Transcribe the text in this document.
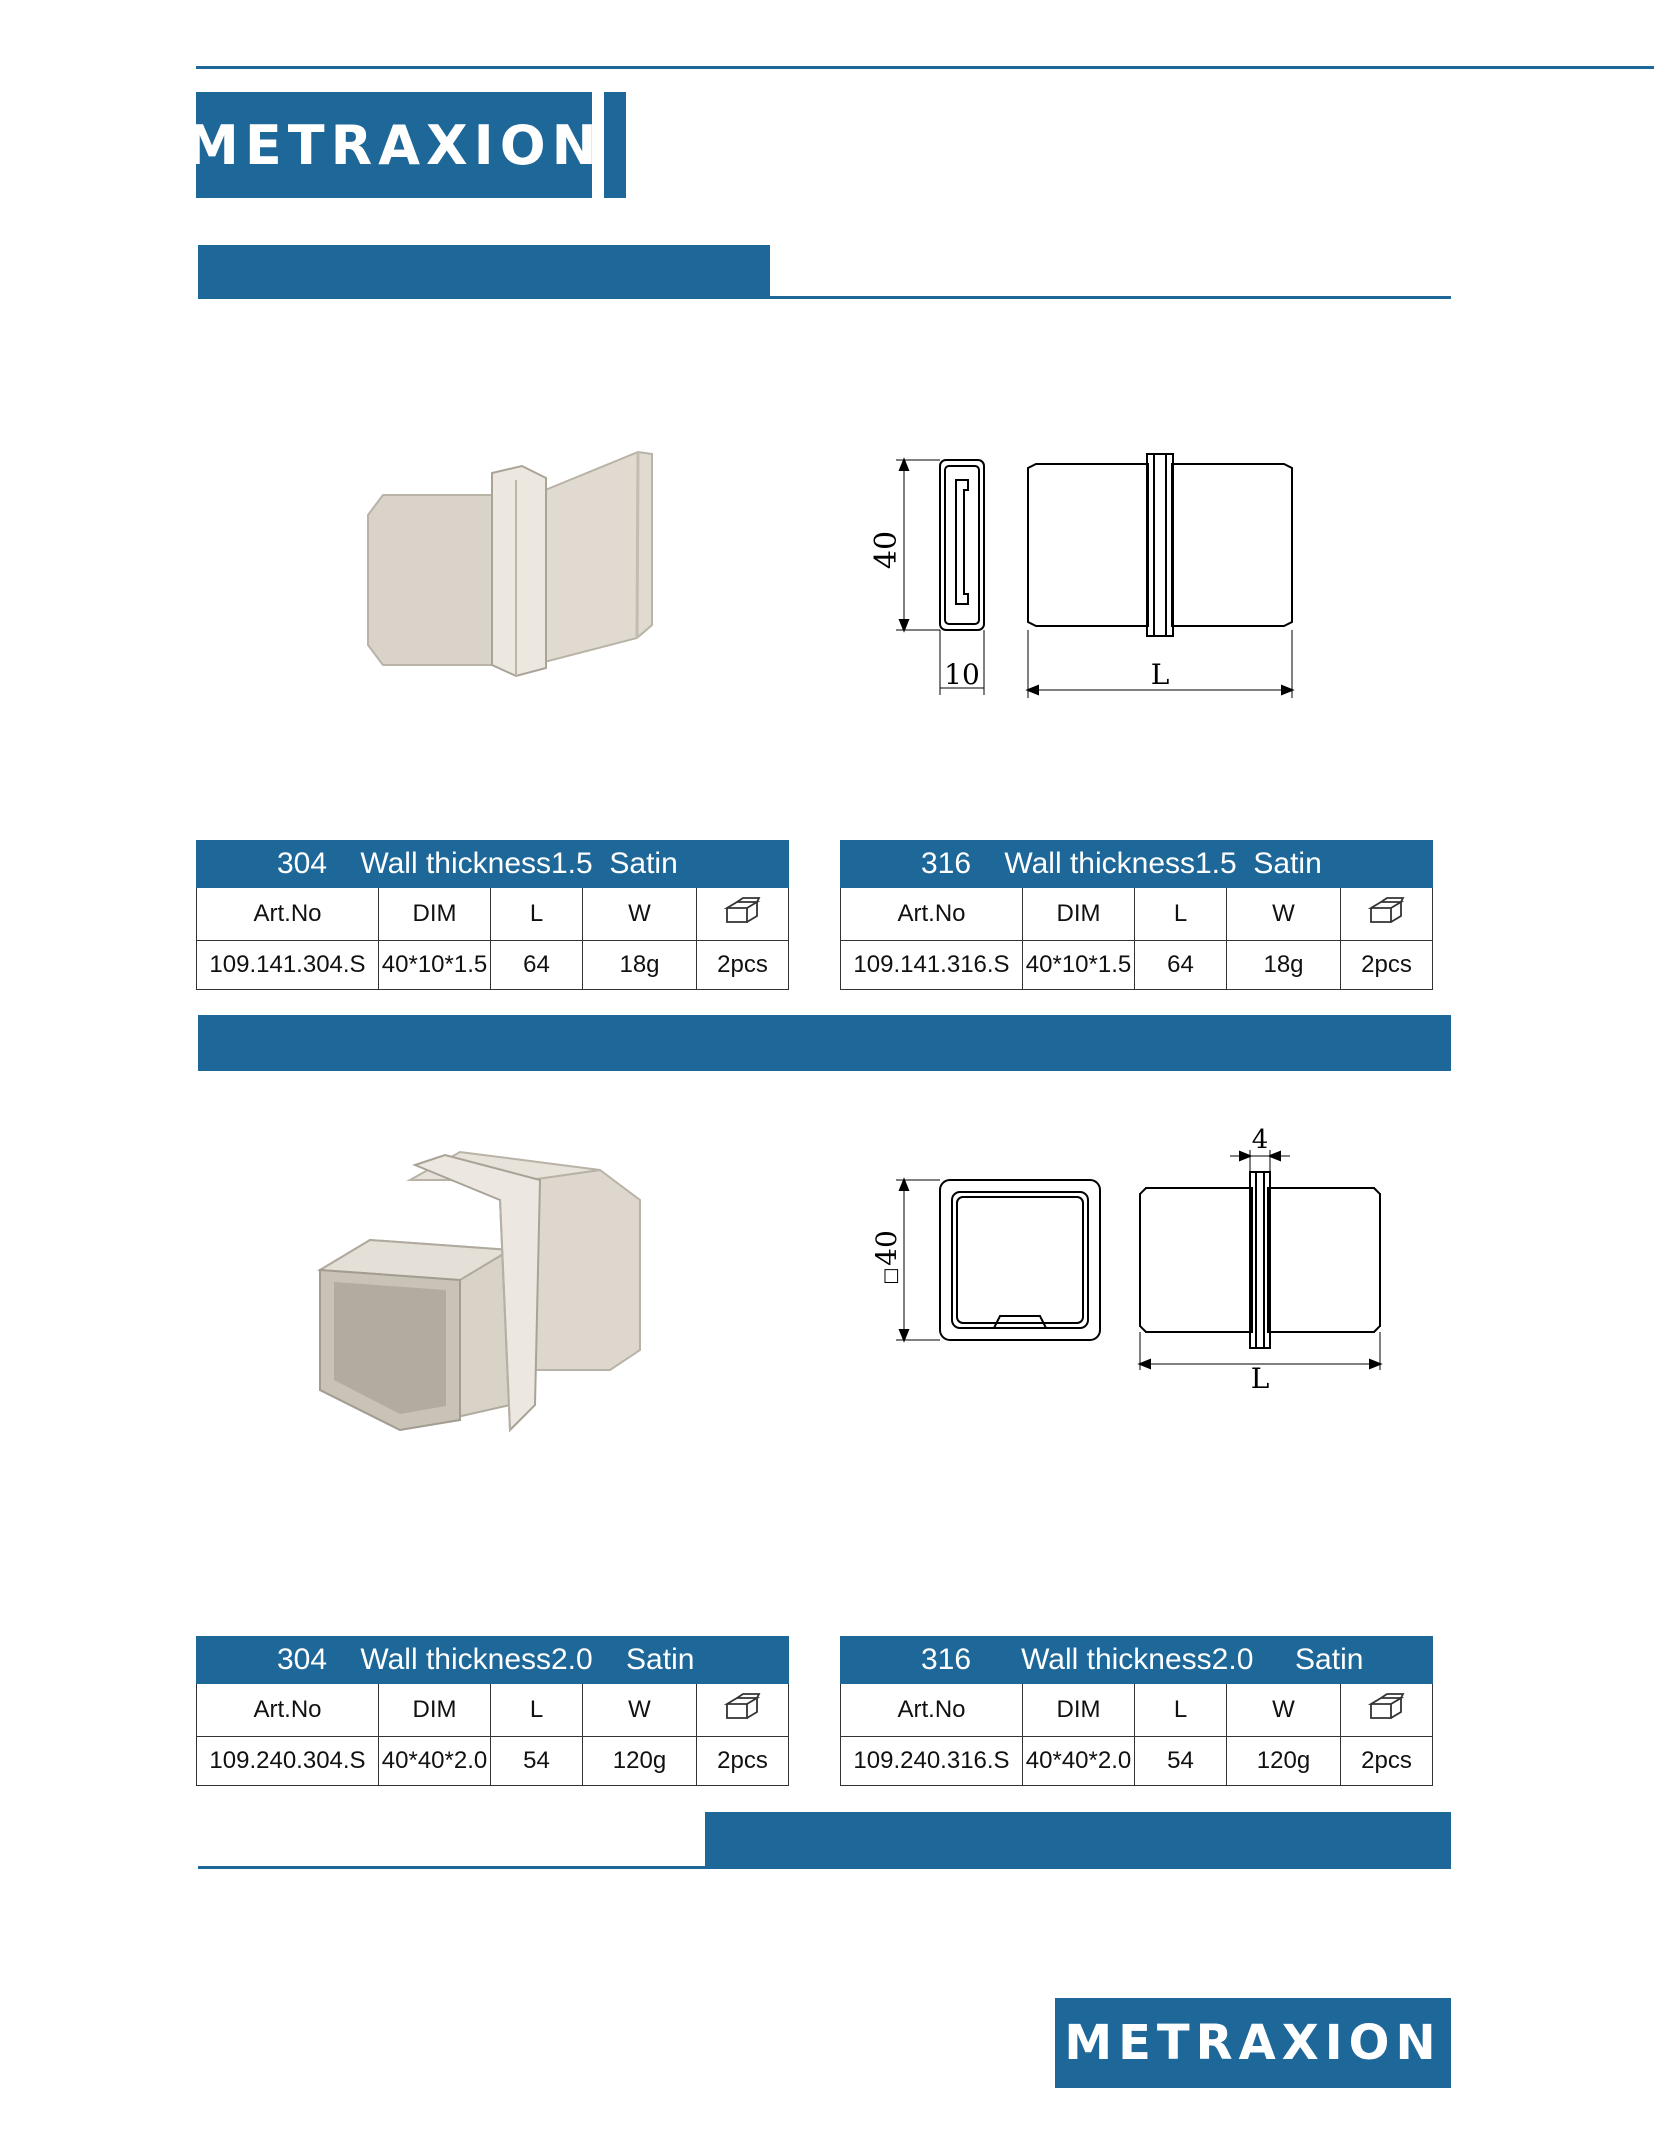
METRAXION
40
10	L
304    Wall thickness1.5  Satin				
Art.No	DIM	L	W	
109.141.304.S	40*10*1.5	64	18g	2pcs
316    Wall thickness1.5  Satin				
Art.No	DIM	L	W	
109.141.316.S	40*10*1.5	64	18g	2pcs
40
□
4
L
304    Wall thickness2.0    Satin				
Art.No	DIM	L	W	
109.240.304.S	40*40*2.0	54	120g	2pcs
316      Wall thickness2.0     Satin				
Art.No	DIM	L	W	
109.240.316.S	40*40*2.0	54	120g	2pcs
METRAXION
